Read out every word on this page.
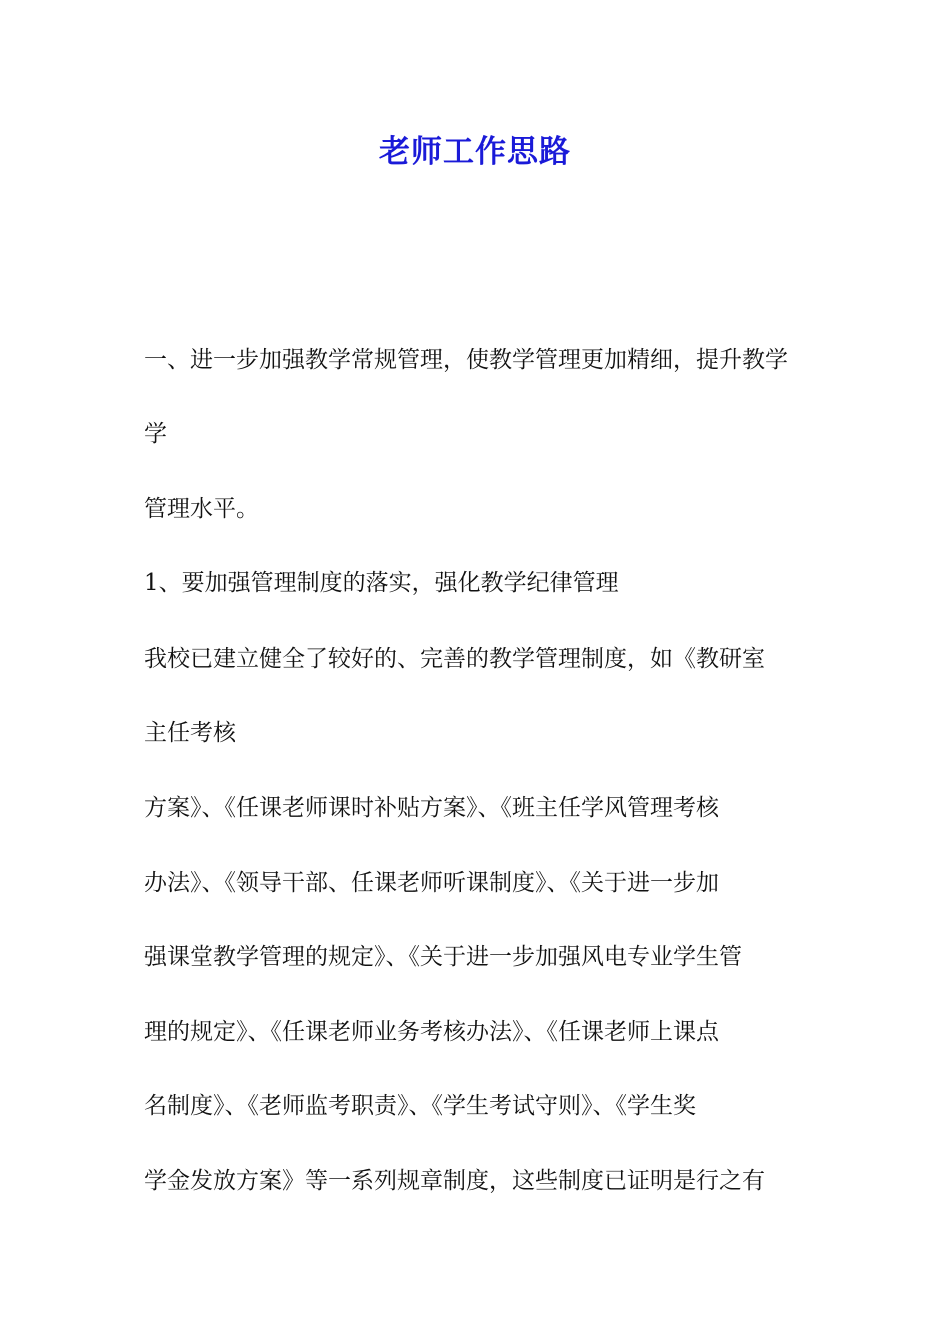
老师工作思路

一、进一步加强教学常规管理，使教学管理更加精细，提升教学

学

管理水平。

1、要加强管理制度的落实，强化教学纪律管理

我校已建立健全了较好的、完善的教学管理制度，如《教研室

主任考核

方案》、《任课老师课时补贴方案》、《班主任学风管理考核

办法》、《领导干部、任课老师听课制度》、《关于进一步加

强课堂教学管理的规定》、《关于进一步加强风电专业学生管

理的规定》、《任课老师业务考核办法》、《任课老师上课点

名制度》、《老师监考职责》、《学生考试守则》、《学生奖

学金发放方案》等一系列规章制度，这些制度已证明是行之有
